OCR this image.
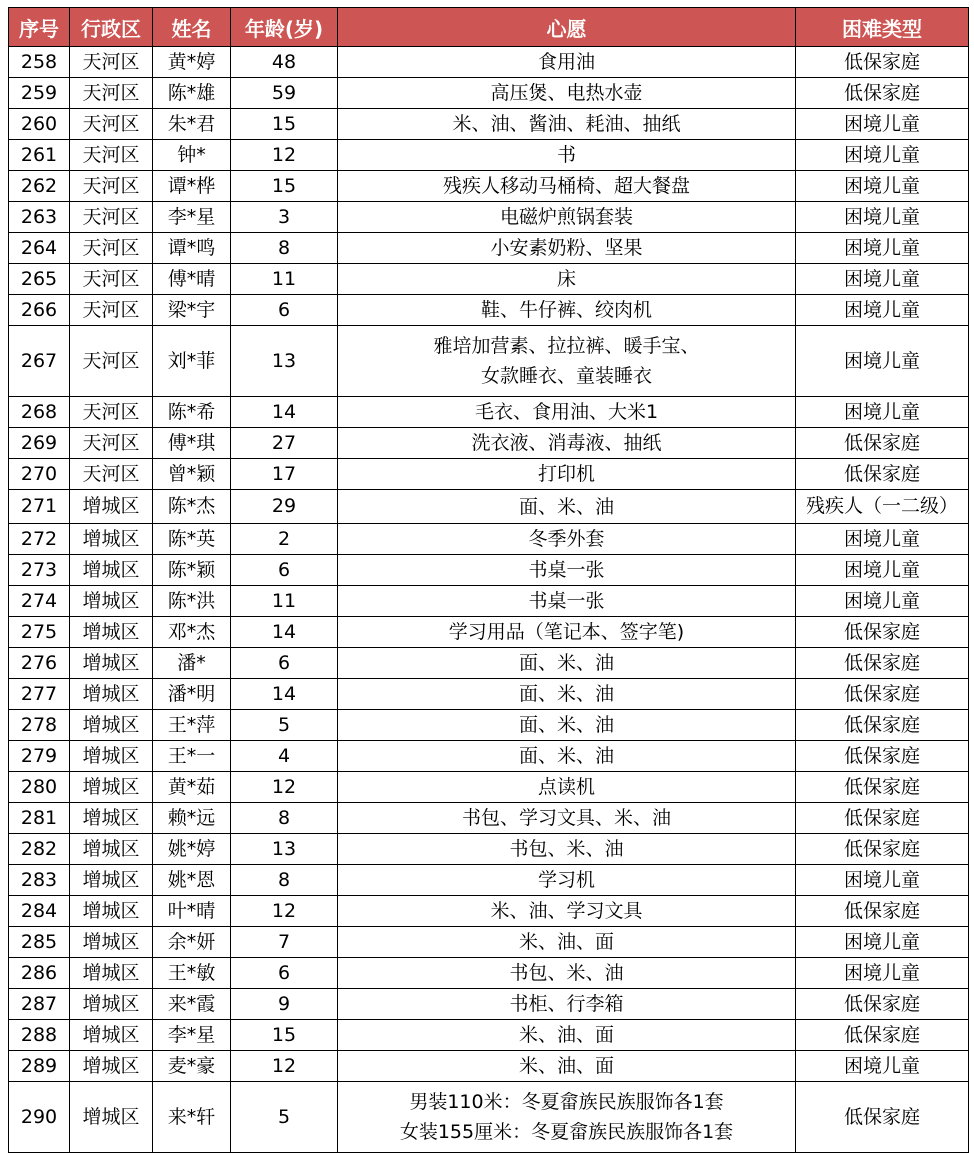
序号	行政区	姓名	年龄(岁)	心愿	困难类型
258	天河区	黄*婷	48	食用油	低保家庭
259	天河区	陈*雄	59	高压煲、电热水壶	低保家庭
260	天河区	朱*君	15	米、油、酱油、耗油、抽纸	困境儿童
261	天河区	钟*	12	书	困境儿童
262	天河区	谭*桦	15	残疾人移动马桶椅、超大餐盘	困境儿童
263	天河区	李*星	3	电磁炉煎锅套装	困境儿童
264	天河区	谭*鸣	8	小安素奶粉、坚果	困境儿童
265	天河区	傅*晴	11	床	困境儿童
266	天河区	梁*宇	6	鞋、牛仔裤、绞肉机	困境儿童
267	天河区	刘*菲	13	雅培加营素、拉拉裤、暖手宝、
女款睡衣、童装睡衣	困境儿童
268	天河区	陈*希	14	毛衣、食用油、大米1	困境儿童
269	天河区	傅*琪	27	洗衣液、消毒液、抽纸	低保家庭
270	天河区	曾*颖	17	打印机	低保家庭
271	增城区	陈*杰	29	面、米、油	残疾人（一二级）
272	增城区	陈*英	2	冬季外套	困境儿童
273	增城区	陈*颖	6	书桌一张	困境儿童
274	增城区	陈*洪	11	书桌一张	困境儿童
275	增城区	邓*杰	14	学习用品（笔记本、签字笔)	低保家庭
276	增城区	潘*	6	面、米、油	低保家庭
277	增城区	潘*明	14	面、米、油	低保家庭
278	增城区	王*萍	5	面、米、油	低保家庭
279	增城区	王*一	4	面、米、油	低保家庭
280	增城区	黄*茹	12	点读机	低保家庭
281	增城区	赖*远	8	书包、学习文具、米、油	低保家庭
282	增城区	姚*婷	13	书包、米、油	低保家庭
283	增城区	姚*恩	8	学习机	困境儿童
284	增城区	叶*晴	12	米、油、学习文具	低保家庭
285	增城区	余*妍	7	米、油、面	困境儿童
286	增城区	王*敏	6	书包、米、油	困境儿童
287	增城区	来*霞	9	书柜、行李箱	低保家庭
288	增城区	李*星	15	米、油、面	低保家庭
289	增城区	麦*豪	12	米、油、面	困境儿童
290	增城区	来*轩	5	男装110米：冬夏畲族民族服饰各1套
女装155厘米：冬夏畲族民族服饰各1套	低保家庭
